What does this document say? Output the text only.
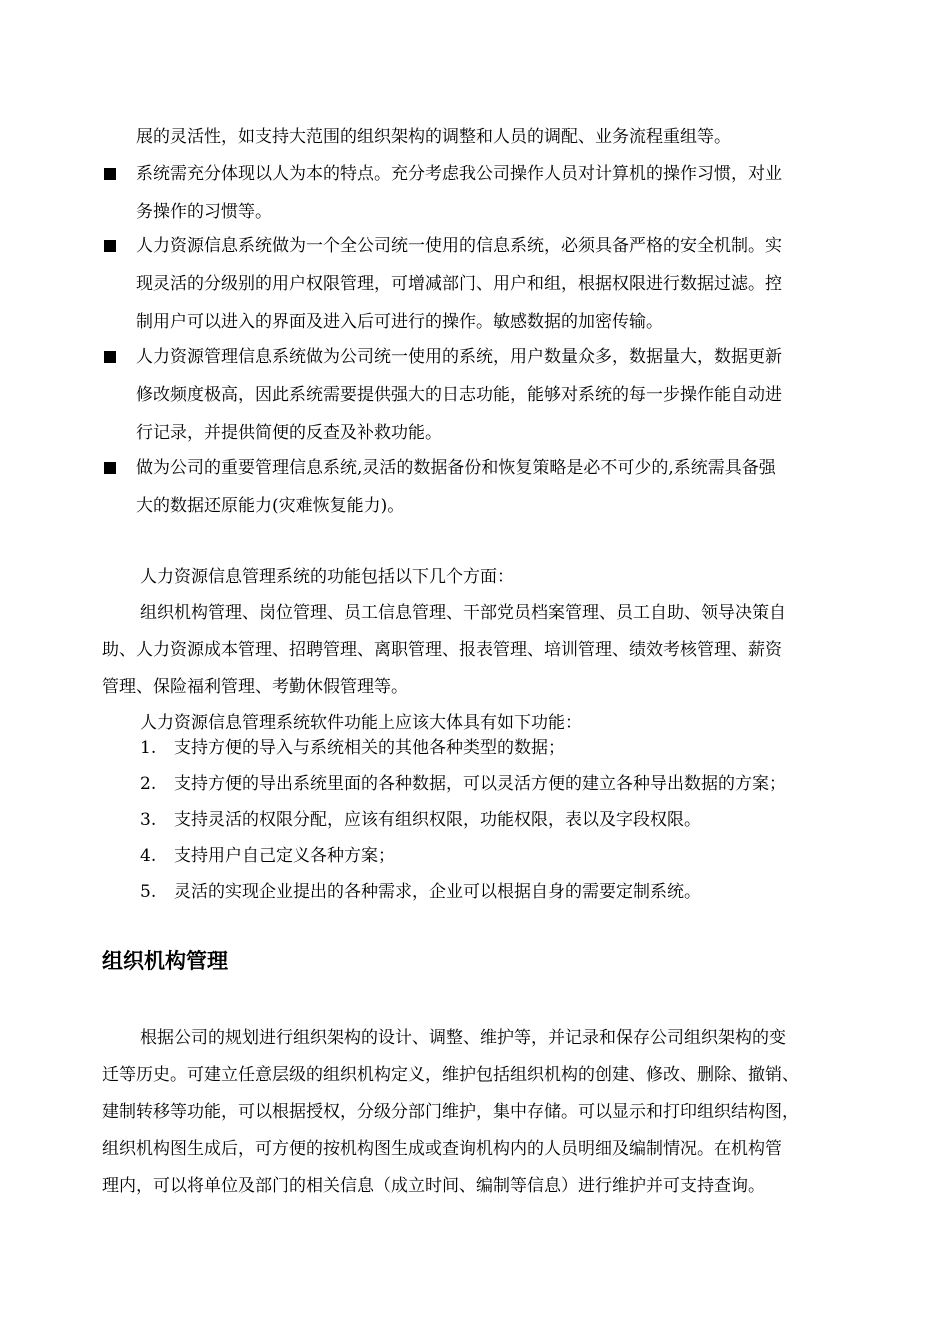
展的灵活性，如支持大范围的组织架构的调整和人员的调配、业务流程重组等。
系统需充分体现以人为本的特点。充分考虑我公司操作人员对计算机的操作习惯，对业
务操作的习惯等。
人力资源信息系统做为一个全公司统一使用的信息系统，必须具备严格的安全机制。实
现灵活的分级别的用户权限管理，可增减部门、用户和组，根据权限进行数据过滤。控
制用户可以进入的界面及进入后可进行的操作。敏感数据的加密传输。
人力资源管理信息系统做为公司统一使用的系统，用户数量众多，数据量大，数据更新
修改频度极高，因此系统需要提供强大的日志功能，能够对系统的每一步操作能自动进
行记录，并提供简便的反查及补救功能。
做为公司的重要管理信息系统,灵活的数据备份和恢复策略是必不可少的,系统需具备强
大的数据还原能力(灾难恢复能力)。
人力资源信息管理系统的功能包括以下几个方面：
组织机构管理、岗位管理、员工信息管理、干部党员档案管理、员工自助、领导决策自
助、人力资源成本管理、招聘管理、离职管理、报表管理、培训管理、绩效考核管理、薪资
管理、保险福利管理、考勤休假管理等。
人力资源信息管理系统软件功能上应该大体具有如下功能：
1. 支持方便的导入与系统相关的其他各种类型的数据；
2. 支持方便的导出系统里面的各种数据，可以灵活方便的建立各种导出数据的方案；
3. 支持灵活的权限分配，应该有组织权限，功能权限，表以及字段权限。
4. 支持用户自己定义各种方案；
5. 灵活的实现企业提出的各种需求，企业可以根据自身的需要定制系统。
组织机构管理
根据公司的规划进行组织架构的设计、调整、维护等，并记录和保存公司组织架构的变
迁等历史。可建立任意层级的组织机构定义，维护包括组织机构的创建、修改、删除、撤销、
建制转移等功能，可以根据授权，分级分部门维护，集中存储。可以显示和打印组织结构图，
组织机构图生成后，可方便的按机构图生成或查询机构内的人员明细及编制情况。在机构管
理内，可以将单位及部门的相关信息（成立时间、编制等信息）进行维护并可支持查询。
